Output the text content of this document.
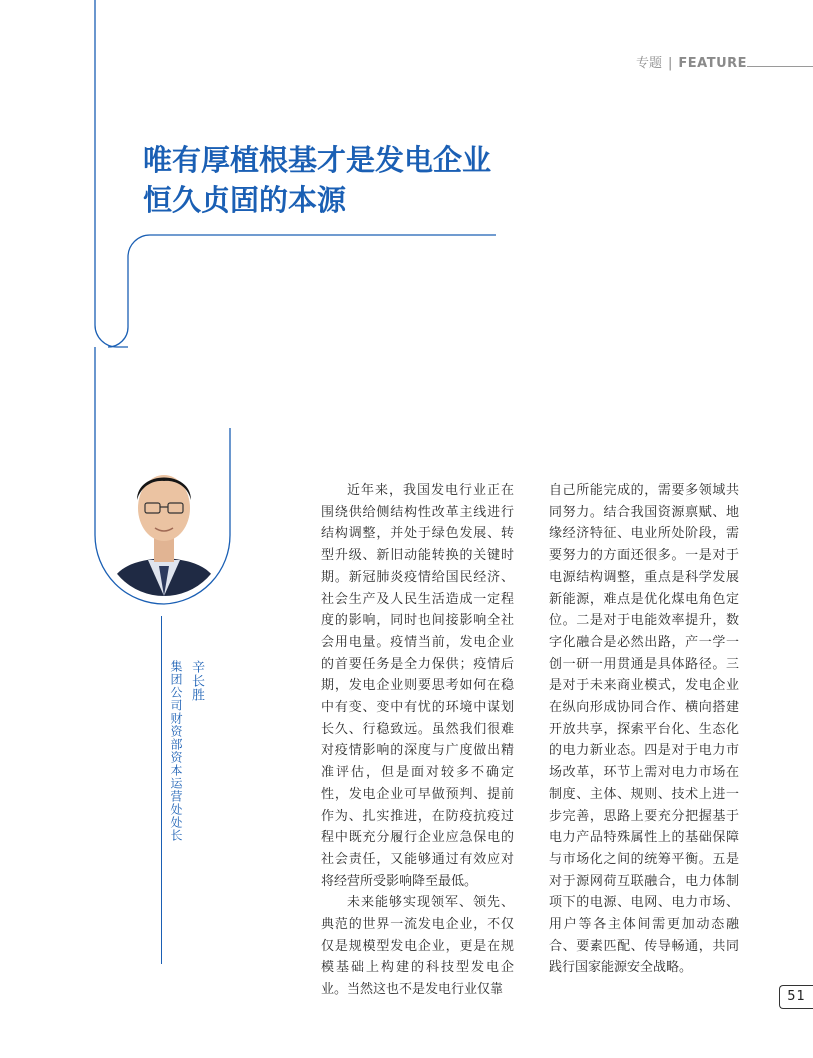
专题 | FEATURE
唯有厚植根基才是发电企业恒久贞固的本源
辛长胜
集团公司财资部资本运营处处长

近年来，我国发电行业正在围绕供给侧结构性改革主线进行结构调整，并处于绿色发展、转型升级、新旧动能转换的关键时期。新冠肺炎疫情给国民经济、社会生产及人民生活造成一定程度的影响，同时也间接影响全社会用电量。疫情当前，发电企业的首要任务是全力保供；疫情后期，发电企业则要思考如何在稳中有变、变中有忧的环境中谋划长久、行稳致远。虽然我们很难对疫情影响的深度与广度做出精准评估，但是面对较多不确定性，发电企业可早做预判、提前作为、扎实推进，在防疫抗疫过程中既充分履行企业应急保电的社会责任，又能够通过有效应对将经营所受影响降至最低。

未来能够实现领军、领先、典范的世界一流发电企业，不仅仅是规模型发电企业，更是在规模基础上构建的科技型发电企业。当然这也不是发电行业仅靠

自己所能完成的，需要多领域共同努力。结合我国资源禀赋、地缘经济特征、电业所处阶段，需要努力的方面还很多。一是对于电源结构调整，重点是科学发展新能源，难点是优化煤电角色定位。二是对于电能效率提升，数字化融合是必然出路，产一学一创一研一用贯通是具体路径。三是对于未来商业模式，发电企业在纵向形成协同合作、横向搭建开放共享，探索平台化、生态化的电力新业态。四是对于电力市场改革，环节上需对电力市场在制度、主体、规则、技术上进一步完善，思路上要充分把握基于电力产品特殊属性上的基础保障与市场化之间的统筹平衡。五是对于源网荷互联融合，电力体制项下的电源、电网、电力市场、用户等各主体间需更加动态融合、要素匹配、传导畅通，共同践行国家能源安全战略。

51
